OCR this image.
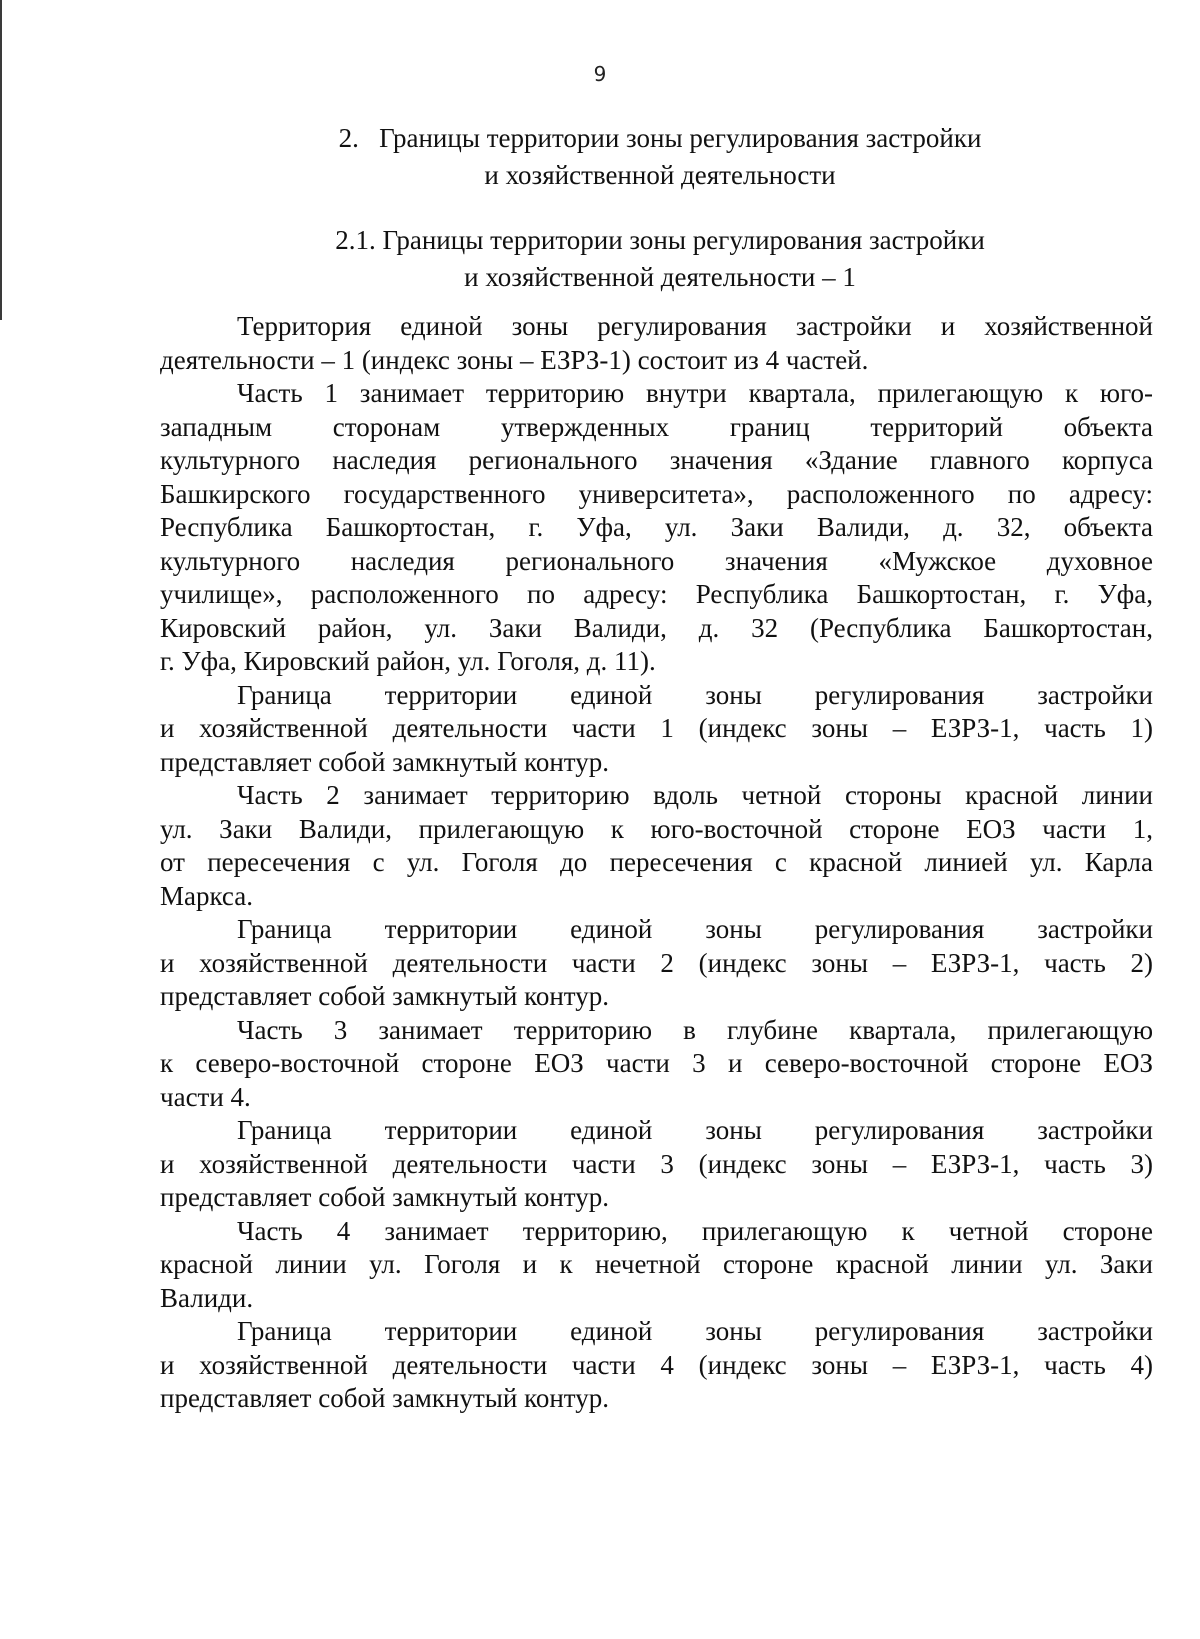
9
2. Границы территории зоны регулирования застройки
и хозяйственной деятельности
2.1. Границы территории зоны регулирования застройки
и хозяйственной деятельности – 1

Территория единой зоны регулирования застройки и хозяйственной
деятельности – 1 (индекс зоны – ЕЗРЗ-1) состоит из 4 частей.

Часть 1 занимает территорию внутри квартала, прилегающую к юго-
западным сторонам утвержденных границ территорий объекта
культурного наследия регионального значения «Здание главного корпуса
Башкирского государственного университета», расположенного по адресу:
Республика Башкортостан, г. Уфа, ул. Заки Валиди, д. 32, объекта
культурного наследия регионального значения «Мужское духовное
училище», расположенного по адресу: Республика Башкортостан, г. Уфа,
Кировский район, ул. Заки Валиди, д. 32 (Республика Башкортостан,
г. Уфа, Кировский район, ул. Гоголя, д. 11).

Граница территории единой зоны регулирования застройки
и хозяйственной деятельности части 1 (индекс зоны – ЕЗРЗ-1, часть 1)
представляет собой замкнутый контур.

Часть 2 занимает территорию вдоль четной стороны красной линии
ул. Заки Валиди, прилегающую к юго-восточной стороне ЕОЗ части 1,
от пересечения с ул. Гоголя до пересечения с красной линией ул. Карла
Маркса.

Граница территории единой зоны регулирования застройки
и хозяйственной деятельности части 2 (индекс зоны – ЕЗРЗ-1, часть 2)
представляет собой замкнутый контур.

Часть 3 занимает территорию в глубине квартала, прилегающую
к северо-восточной стороне ЕОЗ части 3 и северо-восточной стороне ЕОЗ
части 4.

Граница территории единой зоны регулирования застройки
и хозяйственной деятельности части 3 (индекс зоны – ЕЗРЗ-1, часть 3)
представляет собой замкнутый контур.

Часть 4 занимает территорию, прилегающую к четной стороне
красной линии ул. Гоголя и к нечетной стороне красной линии ул. Заки
Валиди.

Граница территории единой зоны регулирования застройки
и хозяйственной деятельности части 4 (индекс зоны – ЕЗРЗ-1, часть 4)
представляет собой замкнутый контур.
